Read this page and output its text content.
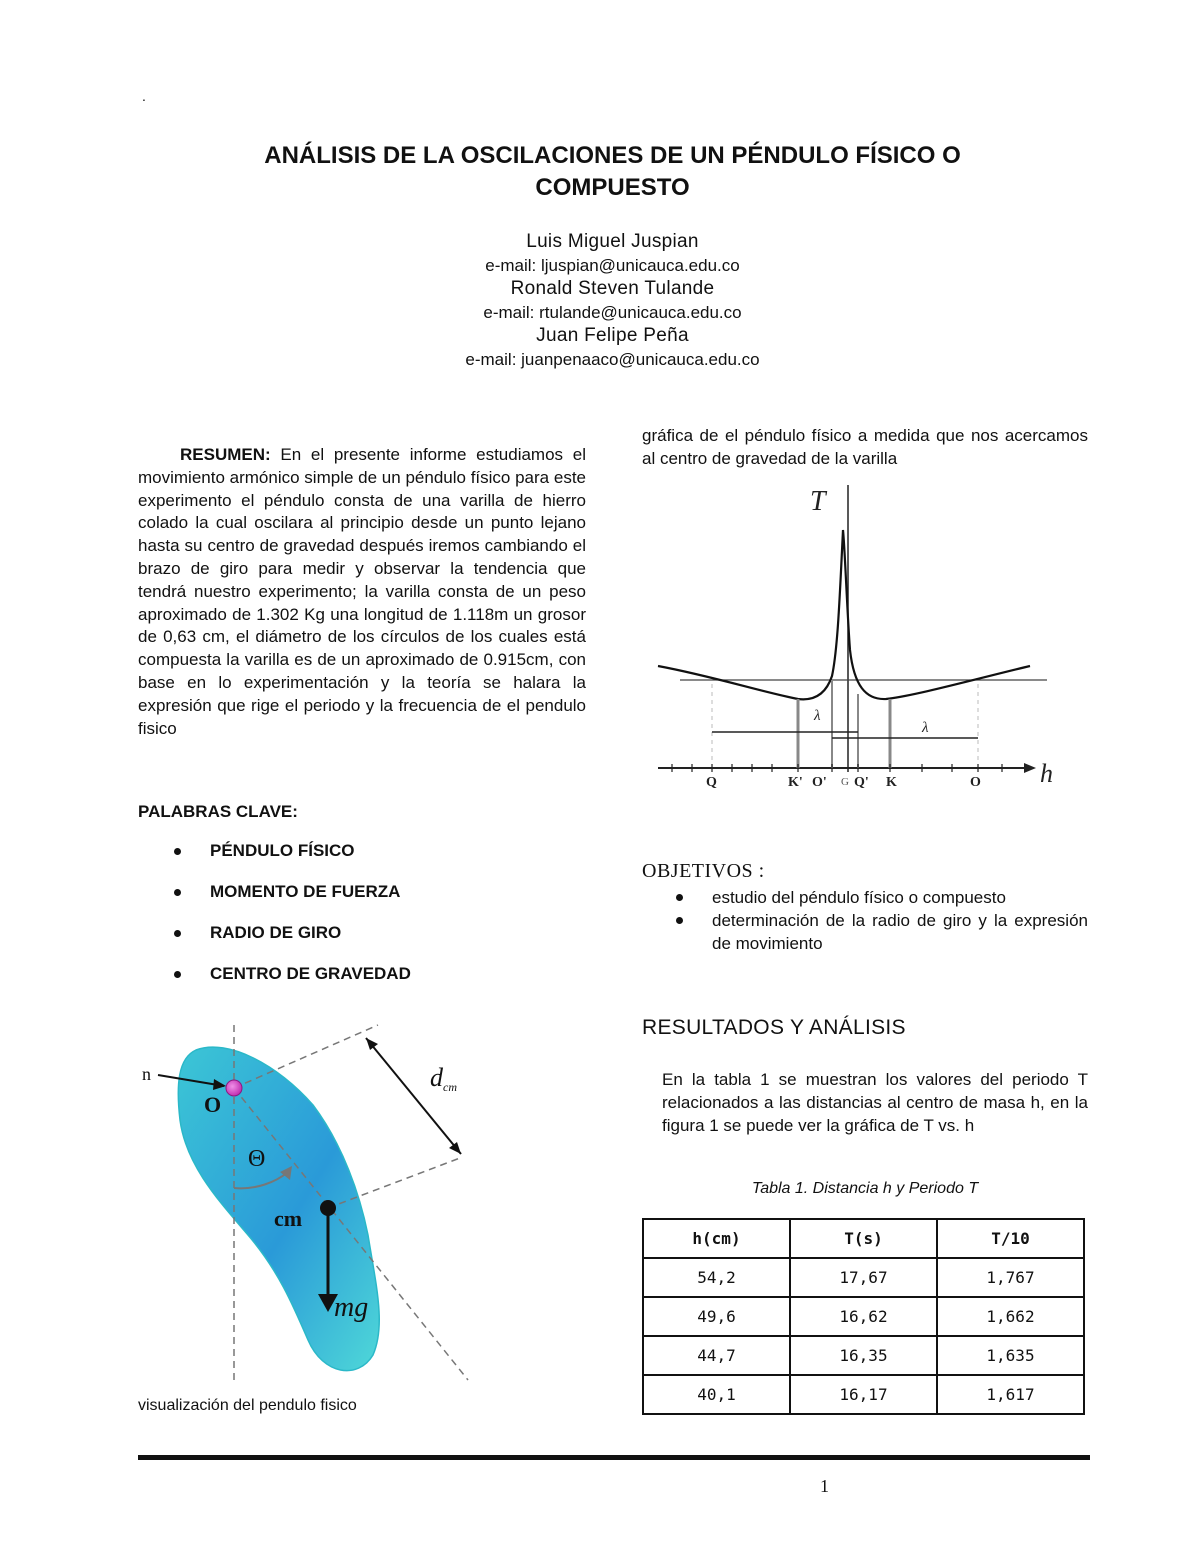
.
ANÁLISIS DE LA OSCILACIONES DE UN PÉNDULO FÍSICO O
COMPUESTO
Luis Miguel Juspian
e-mail: ljuspian@unicauca.edu.co
Ronald Steven Tulande
e-mail: rtulande@unicauca.edu.co
Juan Felipe Peña
e-mail: juanpenaaco@unicauca.edu.co

RESUMEN: En el presente informe estudiamos el movimiento armónico simple de un péndulo físico para este experimento el péndulo consta de una varilla de hierro colado la cual oscilara al principio desde un punto lejano hasta su centro de gravedad después iremos cambiando el brazo de giro para medir y observar la tendencia que tendrá nuestro experimento; la varilla consta de un peso aproximado de 1.302 Kg una longitud de 1.118m un grosor de 0,63 cm, el diámetro de los círculos de los cuales está compuesta la varilla es de un aproximado de 0.915cm, con base en lo experimentación y la teoría se halara la expresión que rige el periodo y la frecuencia de el pendulo fisico

PALABRAS CLAVE:
PÉNDULO FÍSICO
MOMENTO DE FUERZA
RADIO DE GIRO
CENTRO DE GRAVEDAD
dcm
n
O
Θ
cm
mg
visualización del pendulo fisico

gráfica de el péndulo físico a medida que nos acercamos al centro de gravedad de la varilla

T
h
λ
λ
Q	K' O' G Q' K	O
OBJETIVOS :
estudio del péndulo físico o compuesto
determinación de la radio de giro y la expresión de movimiento
RESULTADOS Y ANÁLISIS

En la tabla 1 se muestran los valores del periodo T relacionados a las distancias al centro de masa h, en la figura 1 se puede ver la gráfica de T vs. h

Tabla 1. Distancia h y Periodo T
h(cm)	T(s)	T/10
54,2	17,67	1,767
49,6	16,62	1,662
44,7	16,35	1,635
40,1	16,17	1,617
1
